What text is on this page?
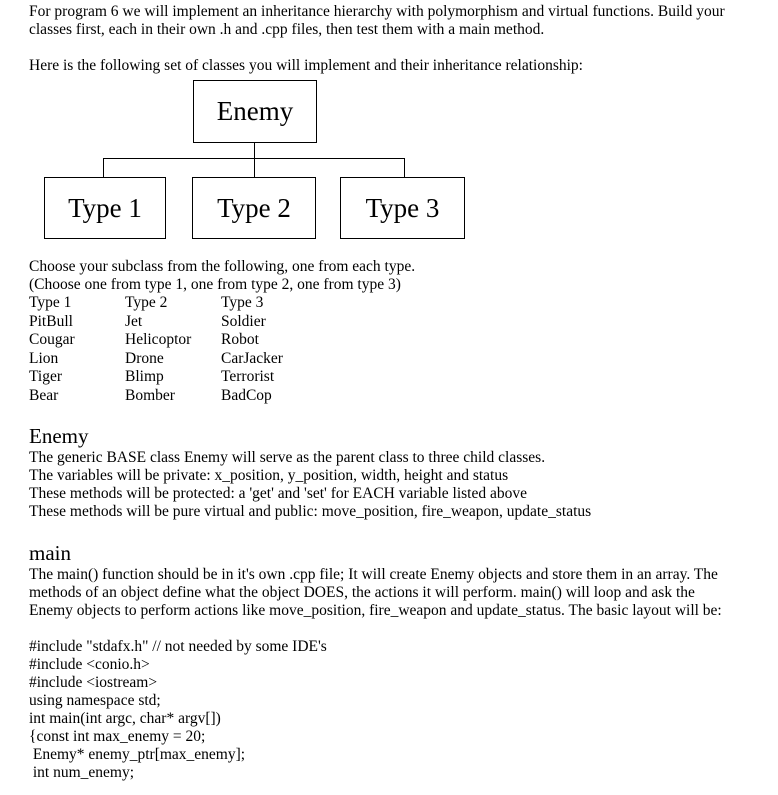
For program 6 we will implement an inheritance hierarchy with polymorphism and virtual functions. Build your
classes first, each in their own .h and .cpp files, then test them with a main method.
Here is the following set of classes you will implement and their inheritance relationship:
Enemy
Type 1	Type 2	Type 3
Choose your subclass from the following, one from each type.
(Choose one from type 1, one from type 2, one from type 3)
Type 1
PitBull
Cougar
Lion
Tiger
Bear
Type 2
Jet
Helicoptor
Drone
Blimp
Bomber
Type 3
Soldier
Robot
CarJacker
Terrorist
BadCop
Enemy
The generic BASE class Enemy will serve as the parent class to three child classes.
The variables will be private: x_position, y_position, width, height and status
These methods will be protected: a 'get' and 'set' for EACH variable listed above
These methods will be pure virtual and public: move_position, fire_weapon, update_status
main
The main() function should be in it's own .cpp file; It will create Enemy objects and store them in an array. The
methods of an object define what the object DOES, the actions it will perform. main() will loop and ask the
Enemy objects to perform actions like move_position, fire_weapon and update_status. The basic layout will be:
#include "stdafx.h" // not needed by some IDE's
#include <conio.h>
#include <iostream>
using namespace std;
int main(int argc, char* argv[])
{const int max_enemy = 20;
Enemy* enemy_ptr[max_enemy];
int num_enemy;
